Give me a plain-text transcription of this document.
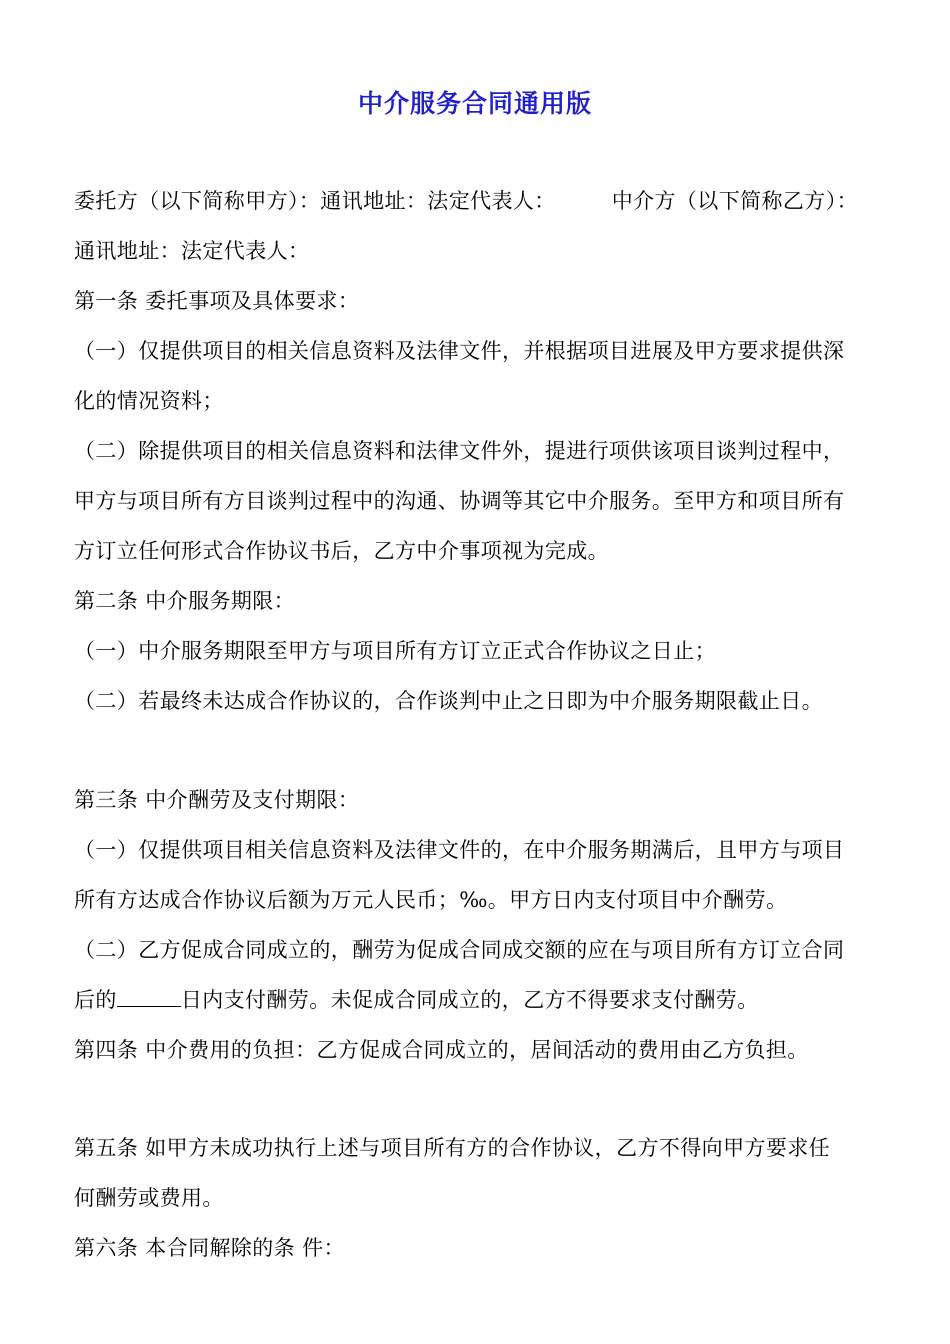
中介服务合同通用版
委托方（以下简称甲方）：通讯地址：法定代表人：	中介方（以下简称乙方）：
通讯地址：法定代表人：
第一条 委托事项及具体要求：
（一）仅提供项目的相关信息资料及法律文件，并根据项目进展及甲方要求提供深
化的情况资料；
（二）除提供项目的相关信息资料和法律文件外，提进行项供该项目谈判过程中，
甲方与项目所有方目谈判过程中的沟通、协调等其它中介服务。至甲方和项目所有
方订立任何形式合作协议书后，乙方中介事项视为完成。
第二条 中介服务期限：
（一）中介服务期限至甲方与项目所有方订立正式合作协议之日止；
（二）若最终未达成合作协议的，合作谈判中止之日即为中介服务期限截止日。
第三条 中介酬劳及支付期限：
（一）仅提供项目相关信息资料及法律文件的，在中介服务期满后，且甲方与项目
所有方达成合作协议后额为万元人民币；‰。甲方日内支付项目中介酬劳。
（二）乙方促成合同成立的，酬劳为促成合同成交额的应在与项目所有方订立合同
后的	日内支付酬劳。未促成合同成立的，乙方不得要求支付酬劳。
第四条 中介费用的负担：乙方促成合同成立的，居间活动的费用由乙方负担。
第五条 如甲方未成功执行上述与项目所有方的合作协议，乙方不得向甲方要求任
何酬劳或费用。
第六条 本合同解除的条 件：
